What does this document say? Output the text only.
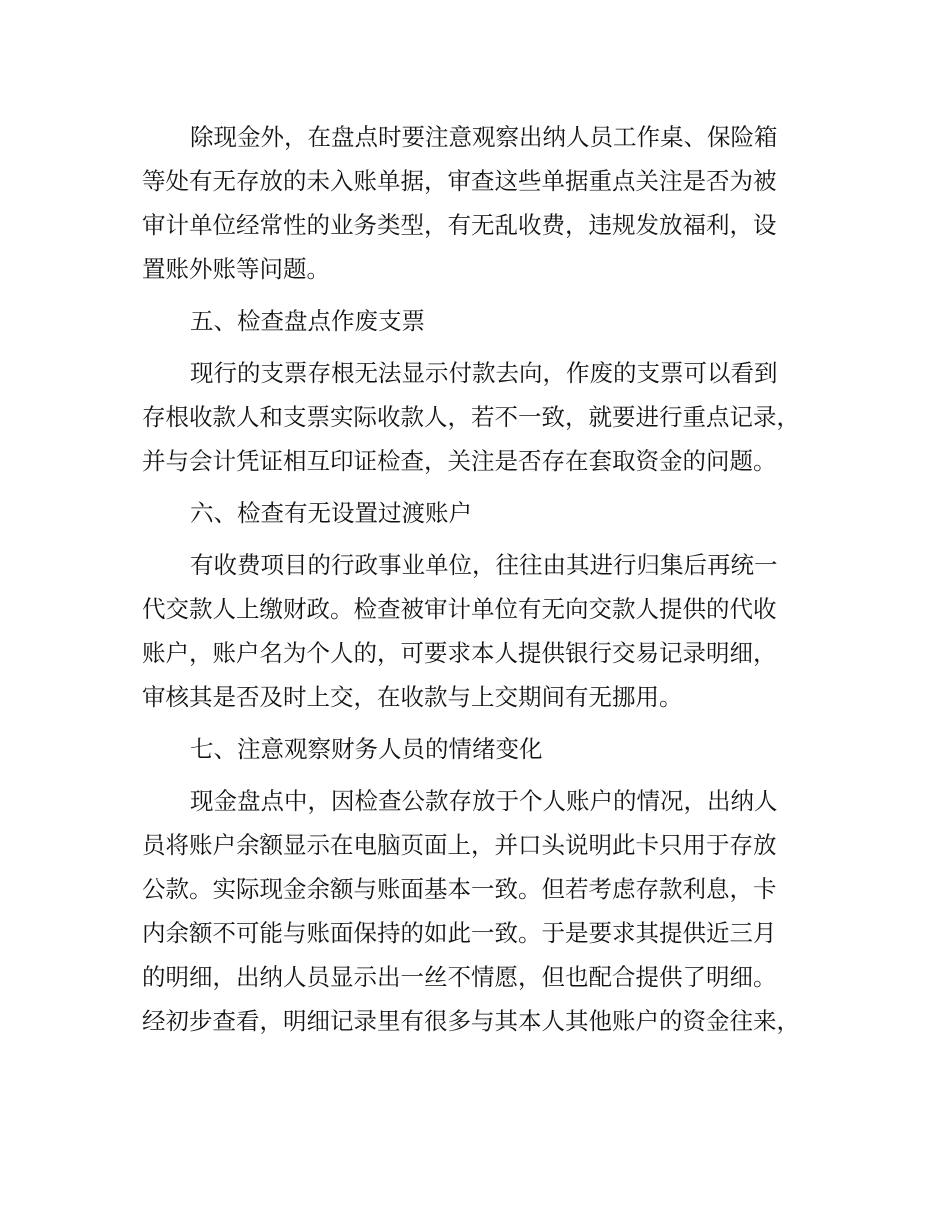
除现金外，在盘点时要注意观察出纳人员工作桌、保险箱
等处有无存放的未入账单据，审查这些单据重点关注是否为被
审计单位经常性的业务类型，有无乱收费，违规发放福利，设
置账外账等问题。
五、检查盘点作废支票
现行的支票存根无法显示付款去向，作废的支票可以看到
存根收款人和支票实际收款人，若不一致，就要进行重点记录，
并与会计凭证相互印证检查，关注是否存在套取资金的问题。
六、检查有无设置过渡账户
有收费项目的行政事业单位，往往由其进行归集后再统一
代交款人上缴财政。检查被审计单位有无向交款人提供的代收
账户，账户名为个人的，可要求本人提供银行交易记录明细，
审核其是否及时上交，在收款与上交期间有无挪用。
七、注意观察财务人员的情绪变化
现金盘点中，因检查公款存放于个人账户的情况，出纳人
员将账户余额显示在电脑页面上，并口头说明此卡只用于存放
公款。实际现金余额与账面基本一致。但若考虑存款利息，卡
内余额不可能与账面保持的如此一致。于是要求其提供近三月
的明细，出纳人员显示出一丝不情愿，但也配合提供了明细。
经初步查看，明细记录里有很多与其本人其他账户的资金往来，
